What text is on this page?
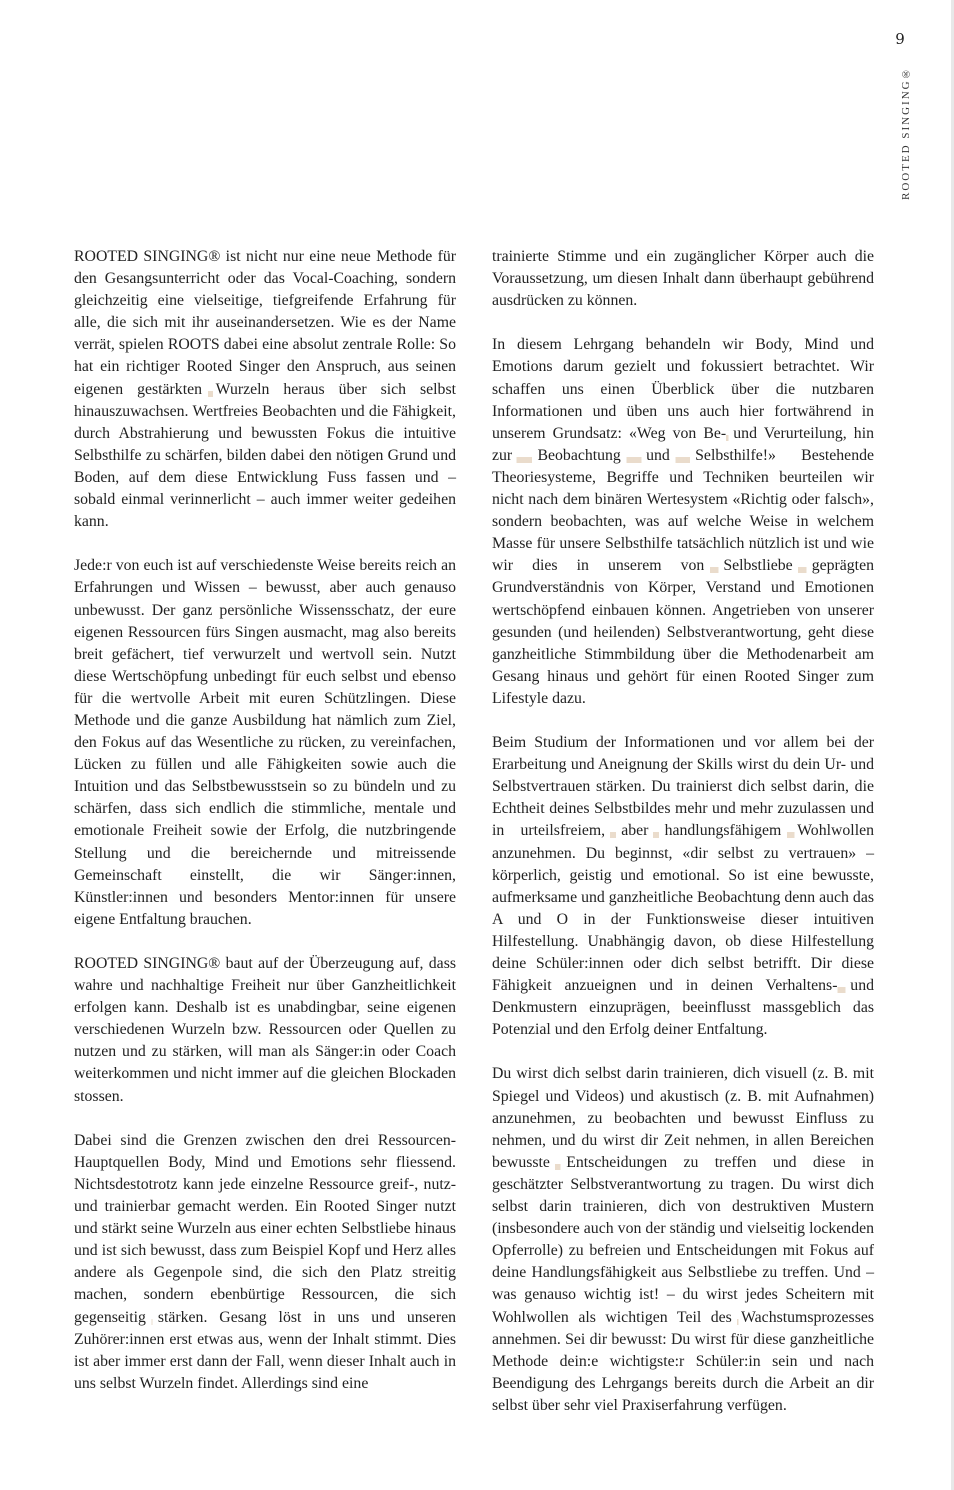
9
ROOTED SINGING®

ROOTED SINGING® ist nicht nur eine neue Methode für den Gesangsunterricht oder das Vocal-Coaching, sondern gleichzeitig eine vielseitige, tiefgreifende Erfahrung für alle, die sich mit ihr auseinandersetzen. Wie es der Name verrät, spielen ROOTS dabei eine absolut zentrale Rolle: So hat ein richtiger Rooted Singer den Anspruch, aus seinen eigenen gestärkten Wurzeln heraus über sich selbst hinauszuwachsen. Wertfreies Beobachten und die Fähigkeit, durch Abstrahierung und bewussten Fokus die intuitive Selbsthilfe zu schärfen, bilden dabei den nötigen Grund und Boden, auf dem diese Entwicklung Fuss fassen und – sobald einmal verinnerlicht – auch immer weiter gedeihen kann.

Jede:r von euch ist auf verschiedenste Weise bereits reich an Erfahrungen und Wissen – bewusst, aber auch genauso unbewusst. Der ganz persönliche Wissensschatz, der eure eigenen Ressourcen fürs Singen ausmacht, mag also bereits breit gefächert, tief verwurzelt und wertvoll sein. Nutzt diese Wertschöpfung unbedingt für euch selbst und ebenso für die wertvolle Arbeit mit euren Schützlingen. Diese Methode und die ganze Ausbildung hat nämlich zum Ziel, den Fokus auf das Wesentliche zu rücken, zu vereinfachen, Lücken zu füllen und alle Fähigkeiten sowie auch die Intuition und das Selbstbewusstsein so zu bündeln und zu schärfen, dass sich endlich die stimmliche, mentale und emotionale Freiheit sowie der Erfolg, die nutzbringende Stellung und die bereichernde und mitreissende Gemeinschaft einstellt, die wir Sänger:innen, Künstler:innen und besonders Mentor:innen für unsere eigene Entfaltung brauchen.

ROOTED SINGING® baut auf der Überzeugung auf, dass wahre und nachhaltige Freiheit nur über Ganzheitlichkeit erfolgen kann. Deshalb ist es unabdingbar, seine eigenen verschiedenen Wurzeln bzw. Ressourcen oder Quellen zu nutzen und zu stärken, will man als Sänger:in oder Coach weiterkommen und nicht immer auf die gleichen Blockaden stossen.

Dabei sind die Grenzen zwischen den drei Ressourcen-Hauptquellen Body, Mind und Emotions sehr fliessend. Nichtsdestotrotz kann jede einzelne Ressource greif-, nutz- und trainierbar gemacht werden. Ein Rooted Singer nutzt und stärkt seine Wurzeln aus einer echten Selbstliebe hinaus und ist sich bewusst, dass zum Beispiel Kopf und Herz alles andere als Gegenpole sind, die sich den Platz streitig machen, sondern ebenbürtige Ressourcen, die sich gegenseitig stärken. Gesang löst in uns und unseren Zuhörer:innen erst etwas aus, wenn der Inhalt stimmt. Dies ist aber immer erst dann der Fall, wenn dieser Inhalt auch in uns selbst Wurzeln findet. Allerdings sind eine

trainierte Stimme und ein zugänglicher Körper auch die Voraussetzung, um diesen Inhalt dann überhaupt gebührend ausdrücken zu können.

In diesem Lehrgang behandeln wir Body, Mind und Emotions darum gezielt und fokussiert betrachtet. Wir schaffen uns einen Überblick über die nutzbaren Informationen und üben uns auch hier fortwährend in unserem Grundsatz: «Weg von Be- und Verurteilung, hin zur Beobachtung und Selbsthilfe!» Bestehende Theoriesysteme, Begriffe und Techniken beurteilen wir nicht nach dem binären Wertesystem «Richtig oder falsch», sondern beobachten, was auf welche Weise in welchem Masse für unsere Selbsthilfe tatsächlich nützlich ist und wie wir dies in unserem von Selbstliebe geprägten Grundverständnis von Körper, Verstand und Emotionen wertschöpfend einbauen können. Angetrieben von unserer gesunden (und heilenden) Selbstverantwortung, geht diese ganzheitliche Stimmbildung über die Methodenarbeit am Gesang hinaus und gehört für einen Rooted Singer zum Lifestyle dazu.

Beim Studium der Informationen und vor allem bei der Erarbeitung und Aneignung der Skills wirst du dein Ur- und Selbstvertrauen stärken. Du trainierst dich selbst darin, die Echtheit deines Selbstbildes mehr und mehr zuzulassen und in urteilsfreiem, aber handlungsfähigem Wohlwollen anzunehmen. Du beginnst, «dir selbst zu vertrauen» – körperlich, geistig und emotional. So ist eine bewusste, aufmerksame und ganzheitliche Beobachtung denn auch das A und O in der Funktionsweise dieser intuitiven Hilfestellung. Unabhängig davon, ob diese Hilfestellung deine Schüler:innen oder dich selbst betrifft. Dir diese Fähigkeit anzueignen und in deinen Verhaltens- und Denkmustern einzuprägen, beeinflusst massgeblich das Potenzial und den Erfolg deiner Entfaltung.

Du wirst dich selbst darin trainieren, dich visuell (z. B. mit Spiegel und Videos) und akustisch (z. B. mit Aufnahmen) anzunehmen, zu beobachten und bewusst Einfluss zu nehmen, und du wirst dir Zeit nehmen, in allen Bereichen bewusste Entscheidungen zu treffen und diese in geschätzter Selbstverantwortung zu tragen. Du wirst dich selbst darin trainieren, dich von destruktiven Mustern (insbesondere auch von der ständig und vielseitig lockenden Opferrolle) zu befreien und Entscheidungen mit Fokus auf deine Handlungsfähigkeit aus Selbstliebe zu treffen. Und – was genauso wichtig ist! – du wirst jedes Scheitern mit Wohlwollen als wichtigen Teil des Wachstumsprozesses annehmen. Sei dir bewusst: Du wirst für diese ganzheitliche Methode dein:e wichtigste:r Schüler:in sein und nach Beendigung des Lehrgangs bereits durch die Arbeit an dir selbst über sehr viel Praxiserfahrung verfügen.
